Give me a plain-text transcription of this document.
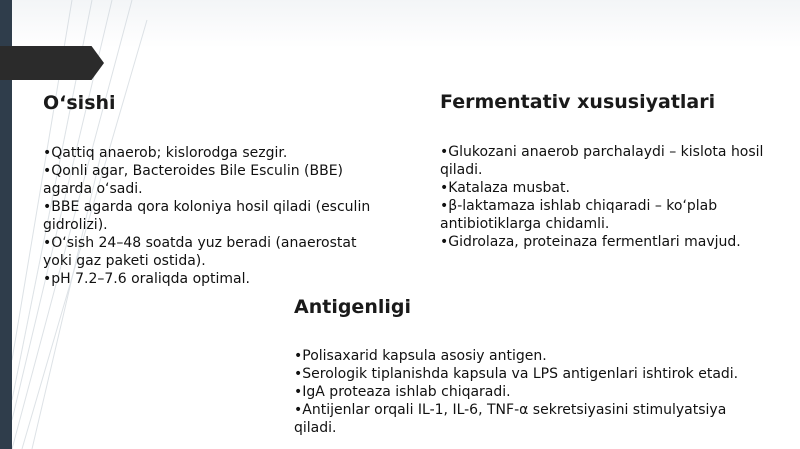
O‘sishi
•Qattiq anaerob; kislorodga sezgir.
•Qonli agar, Bacteroides Bile Esculin (BBE) agarda o‘sadi.
•BBE agarda qora koloniya hosil qiladi (esculin gidrolizi).
•O‘sish 24–48 soatda yuz beradi (anaerostat yoki gaz paketi ostida).
•pH 7.2–7.6 oraliqda optimal.
Fermentativ xususiyatlari
•Glukozani anaerob parchalaydi – kislota hosil qiladi.
•Katalaza musbat.
•β-laktamaza ishlab chiqaradi – ko‘plab antibiotiklarga chidamli.
•Gidrolaza, proteinaza fermentlari mavjud.
Antigenligi
•Polisaxarid kapsula asosiy antigen.
•Serologik tiplanishda kapsula va LPS antigenlari ishtirok etadi.
•IgA proteaza ishlab chiqaradi.
•Antijenlar orqali IL-1, IL-6, TNF-α sekretsiyasini stimulyatsiya qiladi.
